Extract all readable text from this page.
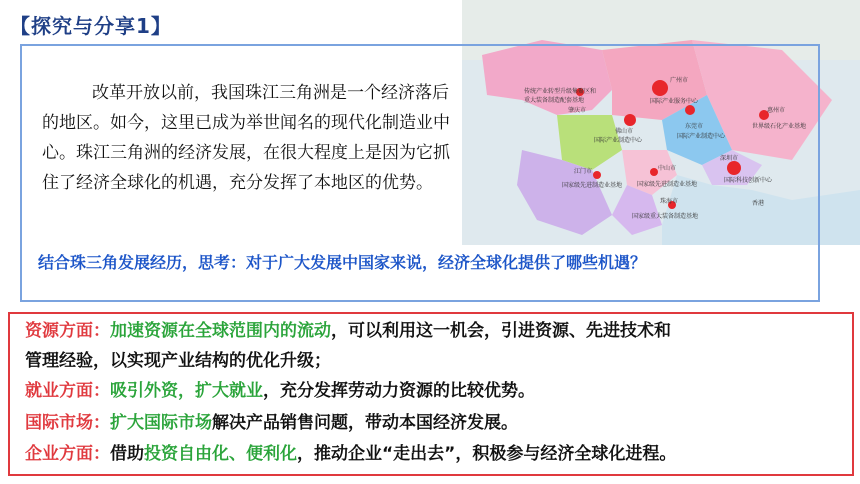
传统产业转型升级集聚区和
重大装备制造配套基地
肇庆市
广州市
国际产业服务中心
佛山市
国际产业制造中心
东莞市
国际产业制造中心
惠州市
世界级石化产业基地
深圳市
国际科技创新中心
江门市
国家级先进制造业基地
中山市
国家级先进制造业基地
珠海市
国家级重大装备制造基地
香港
【探究与分享1】
改革开放以前，我国珠江三角洲是一个经济落后的地区。如今，这里已成为举世闻名的现代化制造业中心。珠江三角洲的经济发展，在很大程度上是因为它抓住了经济全球化的机遇，充分发挥了本地区的优势。
结合珠三角发展经历，思考：对于广大发展中国家来说，经济全球化提供了哪些机遇？
资源方面：加速资源在全球范围内的流动，可以利用这一机会，引进资源、先进技术和
管理经验，以实现产业结构的优化升级；
就业方面：吸引外资，扩大就业，充分发挥劳动力资源的比较优势。
国际市场：扩大国际市场解决产品销售问题，带动本国经济发展。
企业方面：借助投资自由化、便利化，推动企业“走出去”，积极参与经济全球化进程。
